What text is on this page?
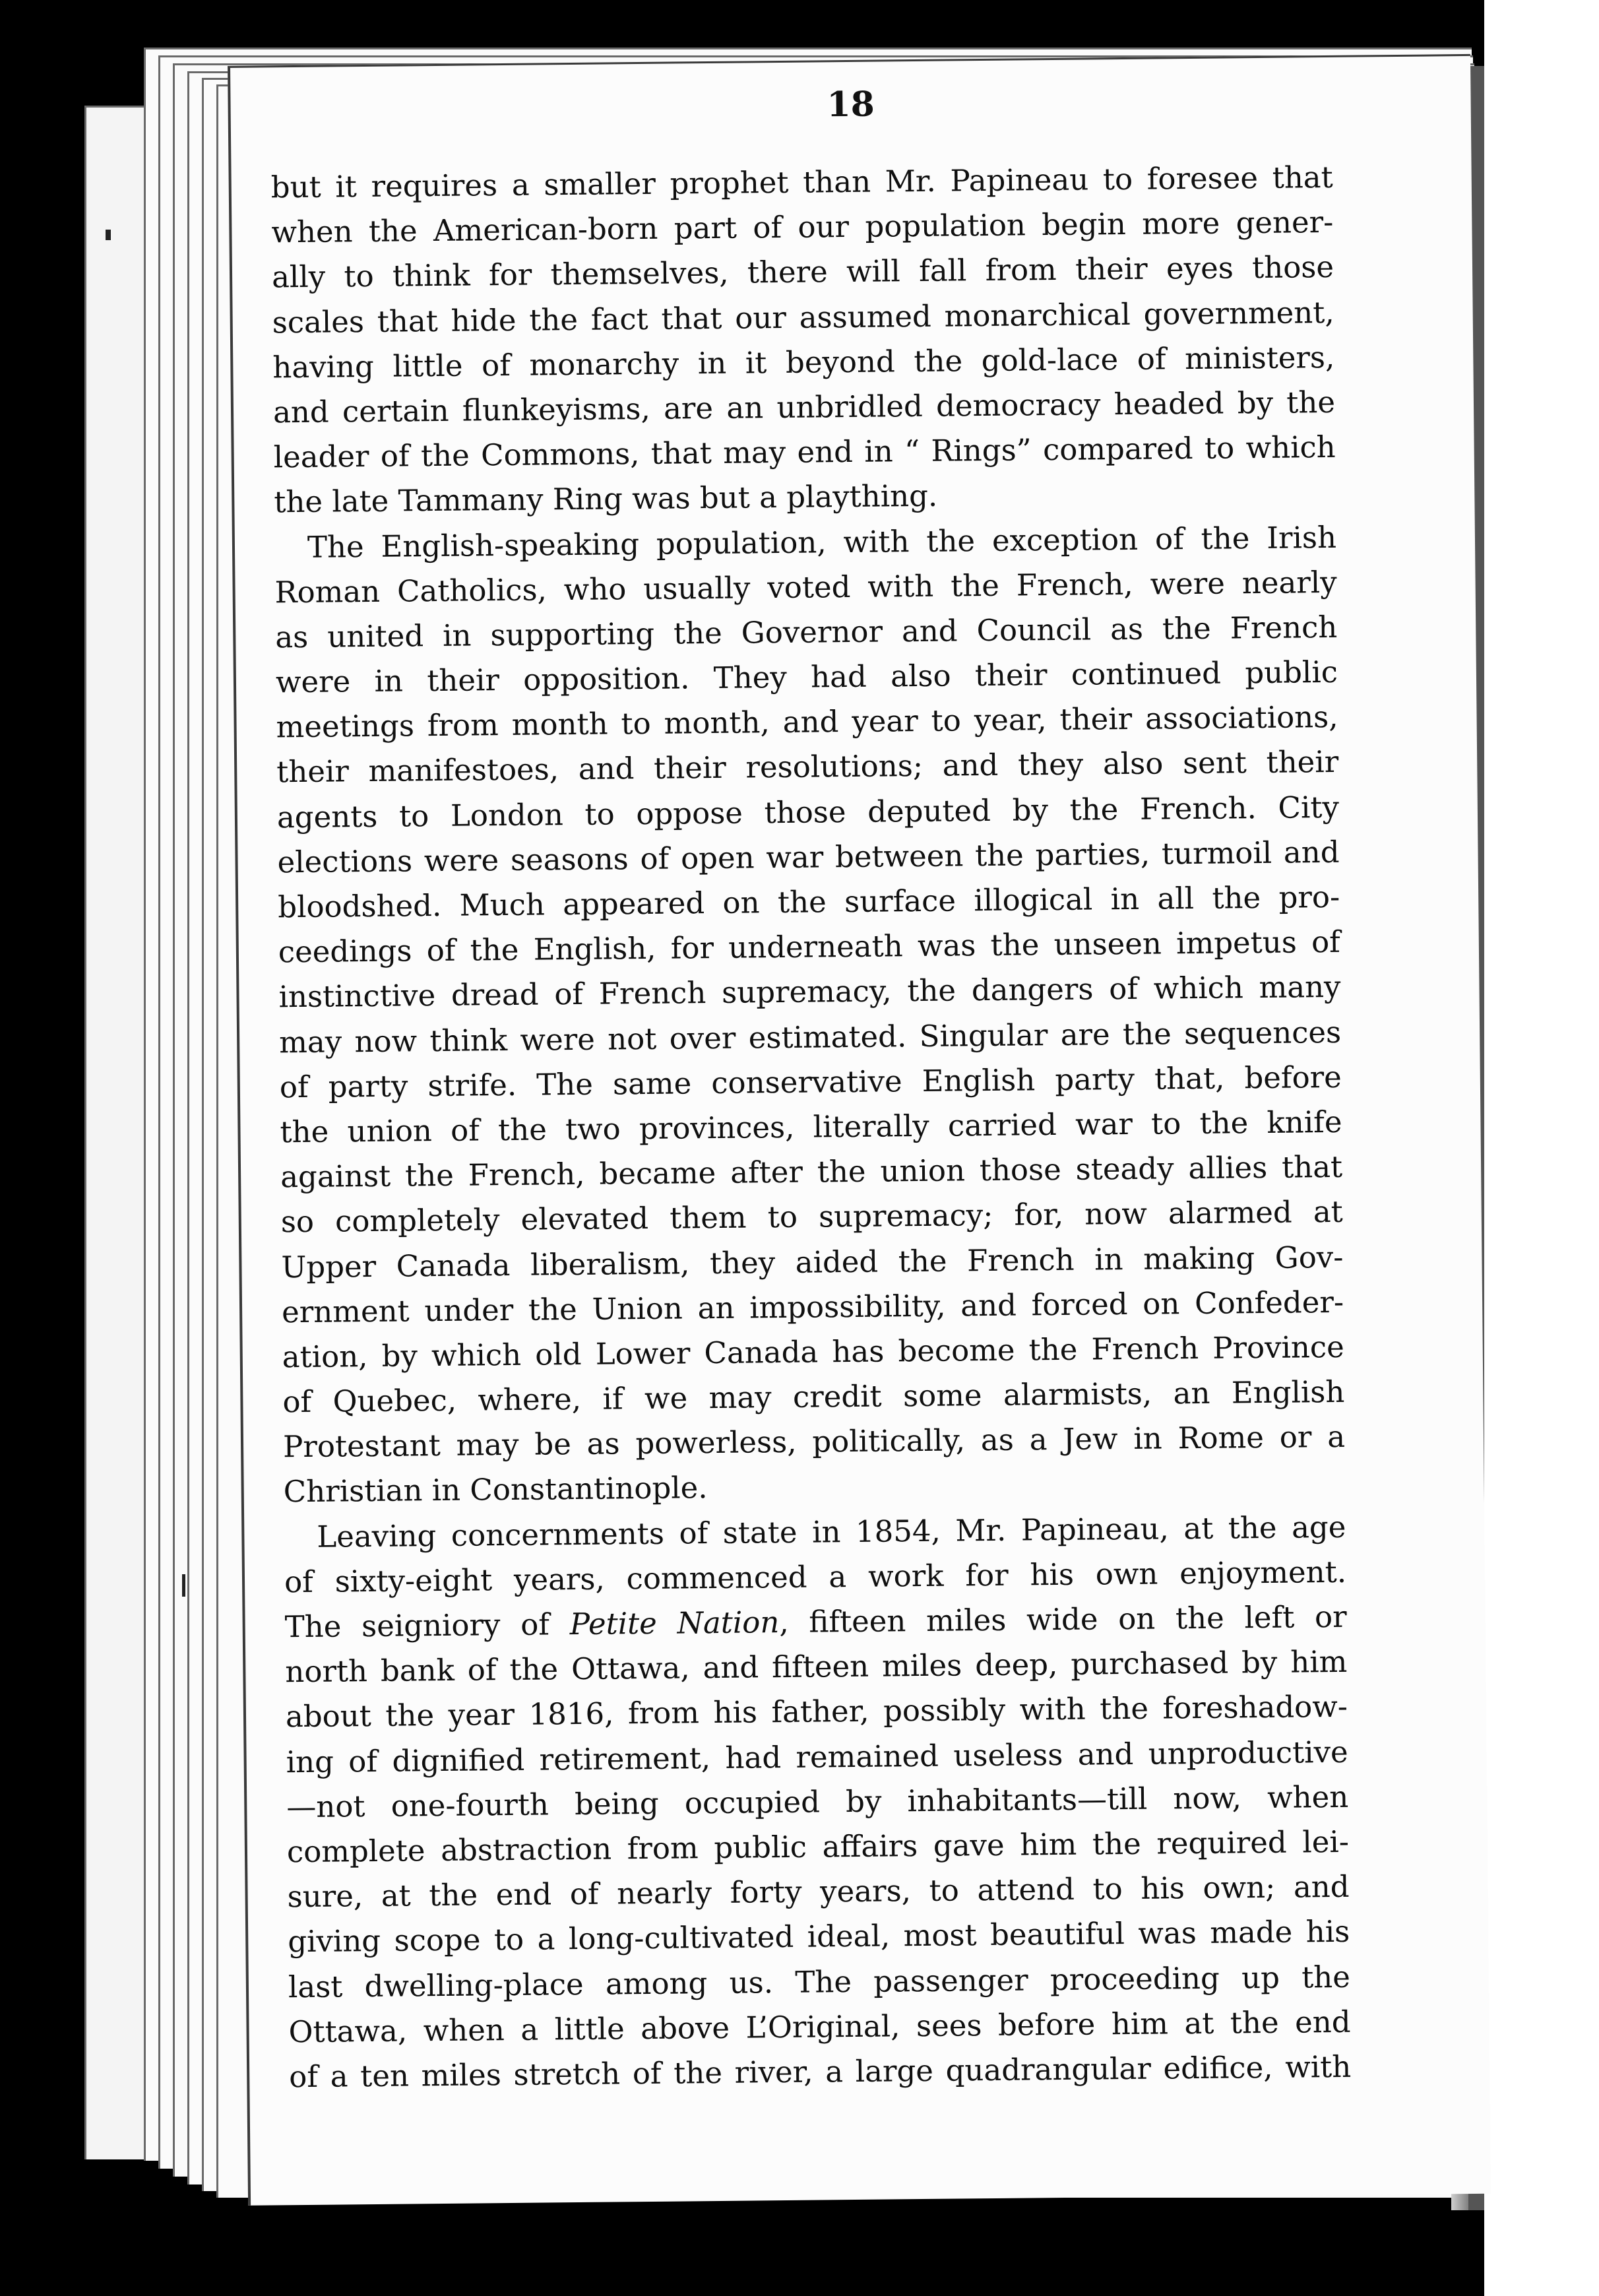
18
but it requires a smaller prophet than Mr. Papineau to foresee that
when the American-born part of our population begin more gener-
ally to think for themselves, there will fall from their eyes those
scales that hide the fact that our assumed monarchical government,
having little of monarchy in it beyond the gold-lace of ministers,
and certain flunkeyisms, are an unbridled democracy headed by the
leader of the Commons, that may end in “ Rings” compared to which
the late Tammany Ring was but a plaything.
The English-speaking population, with the exception of the Irish
Roman Catholics, who usually voted with the French, were nearly
as united in supporting the Governor and Council as the French
were in their opposition. They had also their continued public
meetings from month to month, and year to year, their associations,
their manifestoes, and their resolutions; and they also sent their
agents to London to oppose those deputed by the French. City
elections were seasons of open war between the parties, turmoil and
bloodshed. Much appeared on the surface illogical in all the pro-
ceedings of the English, for underneath was the unseen impetus of
instinctive dread of French supremacy, the dangers of which many
may now think were not over estimated. Singular are the sequences
of party strife. The same conservative English party that, before
the union of the two provinces, literally carried war to the knife
against the French, became after the union those steady allies that
so completely elevated them to supremacy; for, now alarmed at
Upper Canada liberalism, they aided the French in making Gov-
ernment under the Union an impossibility, and forced on Confeder-
ation, by which old Lower Canada has become the French Province
of Quebec, where, if we may credit some alarmists, an English
Protestant may be as powerless, politically, as a Jew in Rome or a
Christian in Constantinople.
Leaving concernments of state in 1854, Mr. Papineau, at the age
of sixty-eight years, commenced a work for his own enjoyment.
The seigniory of Petite Nation, fifteen miles wide on the left or
north bank of the Ottawa, and fifteen miles deep, purchased by him
about the year 1816, from his father, possibly with the foreshadow-
ing of dignified retirement, had remained useless and unproductive
—not one-fourth being occupied by inhabitants—till now, when
complete abstraction from public affairs gave him the required lei-
sure, at the end of nearly forty years, to attend to his own; and
giving scope to a long-cultivated ideal, most beautiful was made his
last dwelling-place among us. The passenger proceeding up the
Ottawa, when a little above L’Original, sees before him at the end
of a ten miles stretch of the river, a large quadrangular edifice, with
